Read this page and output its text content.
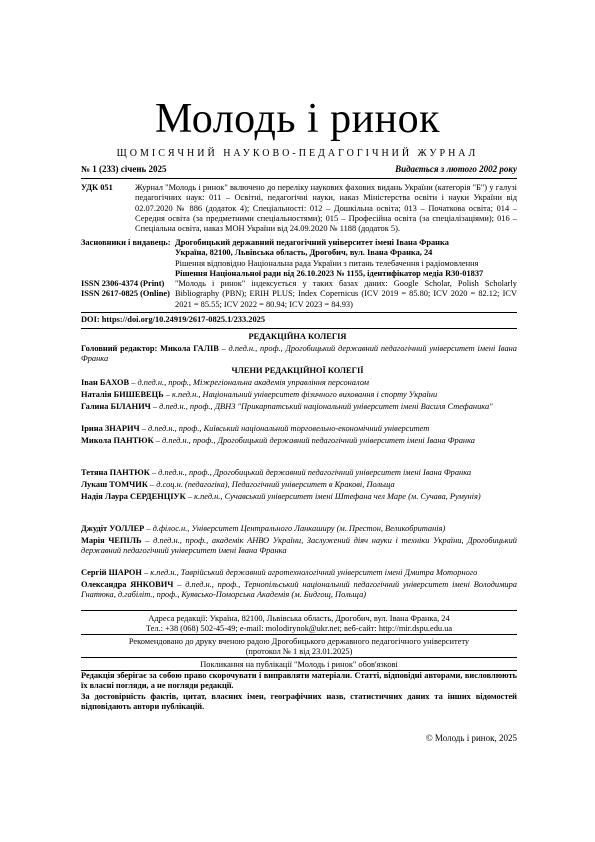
Молодь і ринок
ЩОМІСЯЧНИЙ НАУКОВО-ПЕДАГОГІЧНИЙ ЖУРНАЛ
№ 1 (233) січень 2025	Видається з лютого 2002 року
УДК 051	Журнал "Молодь і ринок" включено до переліку наукових фахових видань України (категорія "Б") у галузі педагогічних наук: 011 – Освітні, педагогічні науки, наказ Міністерства освіти і науки України від 02.07.2020 № 886 (додаток 4); Спеціальності: 012 – Дошкільна освіта; 013 – Початкова освіта; 014 – Середня освіта (за предметними спеціальностями); 015 – Професійна освіта (за спеціалізаціями); 016 – Спеціальна освіта, наказ МОН України від 24.09.2020 № 1188 (додаток 5).
Засновники і видавець: Дрогобицький державний педагогічний університет імені Івана Франка
Україна, 82100, Львівська область, Дрогобич, вул. Івана Франка, 24
Рішення відповідно Національна рада України з питань телебачення і радіомовлення
Рішення Національної ради від 26.10.2023 № 1155, ідентифікатор медіа R30-01837
ISSN 2306-4374 (Print)
ISSN 2617-0825 (Online)
"Молодь і ринок" індексується у таких базах даних: Google Scholar, Polish Scholarly Bibliography (PBN); ERIH PLUS; Index Copernicus (ICV 2019 = 85.80; ICV 2020 = 82.12; ICV 2021 = 85.55; ICV 2022 = 80.94; ICV 2023 = 84.93)
DOI: https://doi.org/10.24919/2617-0825.1/233.2025
РЕДАКЦІЙНА КОЛЕГІЯ
Головний редактор: Микола ГАЛІВ – д.пед.н., проф., Дрогобицький державний педагогічний університет імені Івана Франка
ЧЛЕНИ РЕДАКЦІЙНОЇ КОЛЕГІЇ
Іван БАХОВ – д.пед.н., проф., Міжрегіональна академія управління персоналом
Наталія БИШЕВЕЦЬ – к.пед.н., Національний університет фізичного виховання і спорту України
Галина БІЛАНИЧ – д.пед.н., проф., ДВНЗ "Прикарпатський національний університет імені Василя Стефаника"
Ірина ЗНАРИЧ – д.пед.н., проф., Київський національний торговельно-економічний університет
Микола ПАНТЮК – д.пед.н., проф., Дрогобицький державний педагогічний університет імені Івана Франка
Тетяна ПАНТЮК – д.пед.н., проф., Дрогобицький державний педагогічний університет імені Івана Франка
Лукаш ТОМЧИК – д.соц.н. (педагогіка), Педагогічний університет в Кракові, Польща
Надія Лаура СЕРДЕНЦІУК – к.пед.н., Сучавський університет імені Штефана чел Маре (м. Сучава, Румунія)
Джудіт УОЛЛЕР – д.філос.н., Університет Центрального Ланкаширу (м. Престон, Великобританія)
Марія ЧЕПІЛЬ – д.пед.н., проф., академік АНВО України, Заслужений діяч науки і техніки України, Дрогобицький державний педагогічний університет імені Івана Франка
Сергій ШАРОН – к.пед.н., Таврійський державний агротехнологічний університет імені Дмитра Моторного
Олександра ЯНКОВИЧ – д.пед.н., проф., Тернопільський національний педагогічний університет імені Володимира Гнатюка, д.габіліт., проф., Куявсько-Поморська Академія (м. Бидгощ, Польща)
Адреса редакції: Україна, 82100, Львівська область, Дрогобич, вул. Івана Франка, 24
Тел.: +38 (068) 502-45-49; e-mail: molodirynok@ukr.net; веб-сайт: http://mir.dspu.edu.ua
Рекомендовано до друку вченою радою Дрогобицького державного педагогічного університету
(протокол № 1 від 23.01.2025)
Покликання на публікації "Молодь і ринок" обов'язкові
Редакція зберігає за собою право скорочувати і виправляти матеріали. Статті, відповідні авторами, висловлюють їх власні погляди, а не погляди редакції.
За достовірність фактів, цитат, власних імен, географічних назв, статистичних даних та інших відомостей відповідають автори публікацій.
© Молодь і ринок, 2025
